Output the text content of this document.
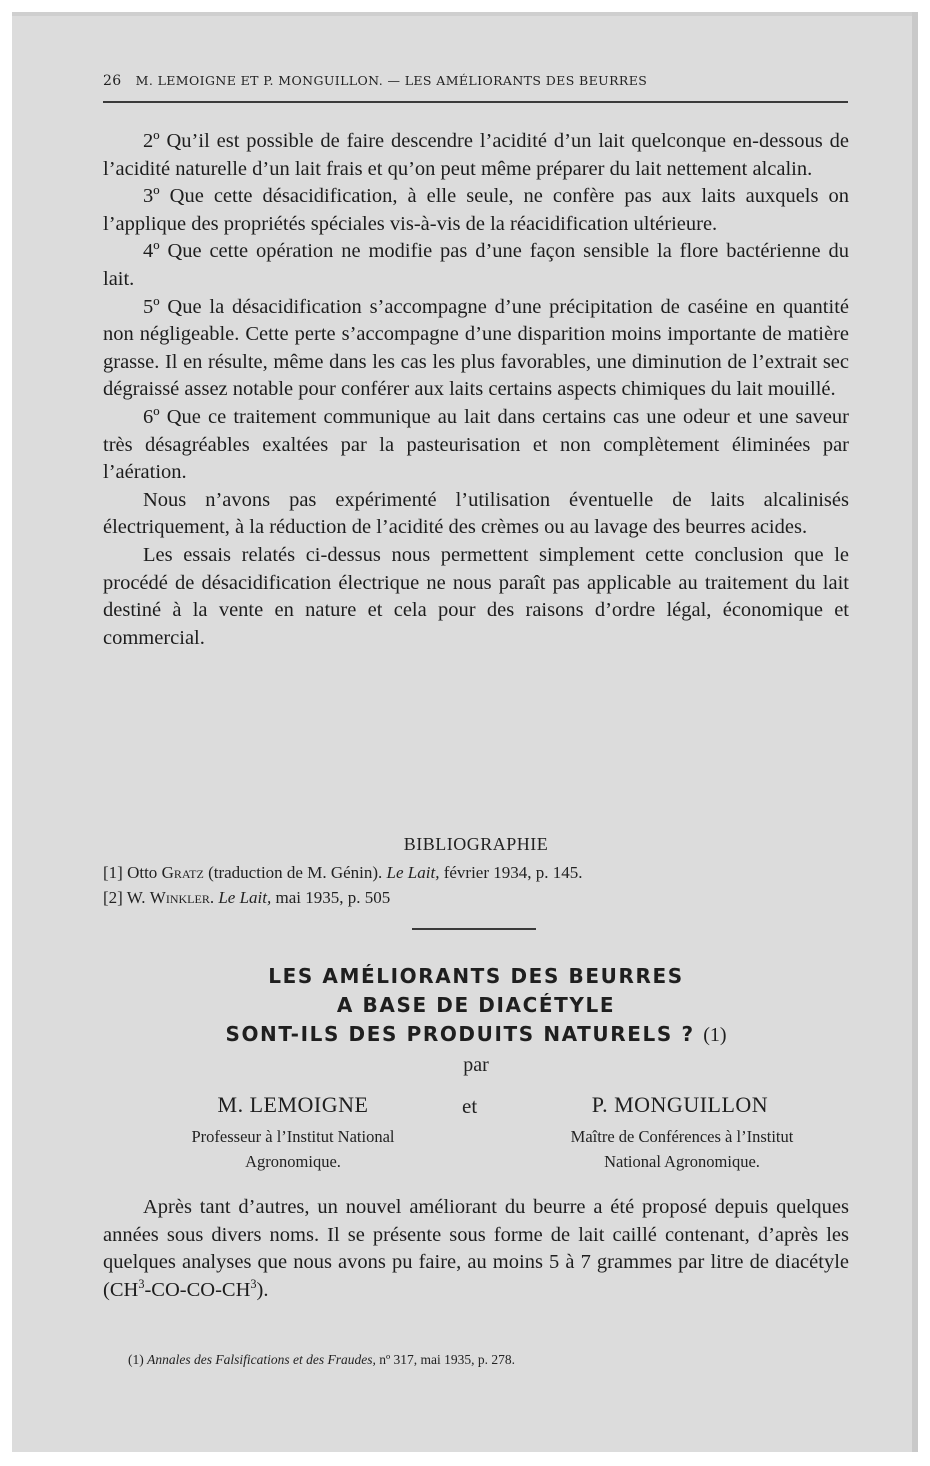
26 M. LEMOIGNE ET P. MONGUILLON. — LES AMÉLIORANTS DES BEURRES

2º Qu’il est possible de faire descendre l’acidité d’un lait quelconque en-dessous de l’acidité naturelle d’un lait frais et qu’on peut même préparer du lait nettement alcalin.

3º Que cette désacidification, à elle seule, ne confère pas aux laits auxquels on l’applique des propriétés spéciales vis-à-vis de la réacidification ultérieure.

4º Que cette opération ne modifie pas d’une façon sensible la flore bactérienne du lait.

5º Que la désacidification s’accompagne d’une précipitation de caséine en quantité non négligeable. Cette perte s’accompagne d’une disparition moins importante de matière grasse. Il en résulte, même dans les cas les plus favorables, une diminution de l’extrait sec dégraissé assez notable pour conférer aux laits certains aspects chimiques du lait mouillé.

6º Que ce traitement communique au lait dans certains cas une odeur et une saveur très désagréables exaltées par la pasteurisation et non complètement éliminées par l’aération.

Nous n’avons pas expérimenté l’utilisation éventuelle de laits alcalinisés électriquement, à la réduction de l’acidité des crèmes ou au lavage des beurres acides.

Les essais relatés ci-dessus nous permettent simplement cette conclusion que le procédé de désacidification électrique ne nous paraît pas applicable au traitement du lait destiné à la vente en nature et cela pour des raisons d’ordre légal, économique et commercial.

BIBLIOGRAPHIE
[1] Otto Gratz (traduction de M. Génin). Le Lait, février 1934, p. 145.
[2] W. Winkler. Le Lait, mai 1935, p. 505
LES AMÉLIORANTS DES BEURRES
A BASE DE DIACÉTYLE
SONT-ILS DES PRODUITS NATURELS ? (1)
par
M. LEMOIGNE	et	P. MONGUILLON
Professeur à l’Institut National
Agronomique.
Maître de Conférences à l’Institut
National Agronomique.

Après tant d’autres, un nouvel améliorant du beurre a été proposé depuis quelques années sous divers noms. Il se présente sous forme de lait caillé contenant, d’après les quelques analyses que nous avons pu faire, au moins 5 à 7 grammes par litre de diacétyle $(CH^3-CO-CO-CH^3)$.

(1) Annales des Falsifications et des Fraudes, nº 317, mai 1935, p. 278.
